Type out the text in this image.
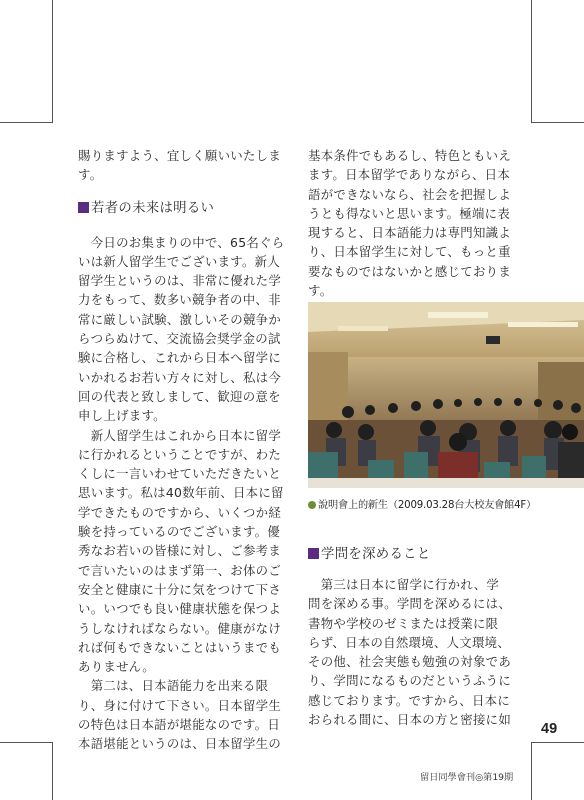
賜りますよう、宜しく願いいたしま

す。

若者の未来は明るい

　今日のお集まりの中で、65名ぐら

いは新人留学生でございます。新人

留学生というのは、非常に優れた学

力をもって、数多い競争者の中、非

常に厳しい試験、激しいその競争か

らつらぬけて、交流協会奨学金の試

験に合格し、これから日本へ留学に

いかれるお若い方々に対し、私は今

回の代表と致しまして、歓迎の意を

申し上げます。

　新人留学生はこれから日本に留学

に行かれるということですが、わた

くしに一言いわせていただきたいと

思います。私は40数年前、日本に留

学できたものですから、いくつか経

験を持っているのでございます。優

秀なお若いの皆様に対し、ご参考ま

で言いたいのはまず第一、お体のご

安全と健康に十分に気をつけて下さ

い。いつでも良い健康状態を保つよ

うしなければならない。健康がなけ

れば何もできないことはいうまでも

ありません。

　第二は、日本語能力を出来る限

り、身に付けて下さい。日本留学生

の特色は日本語が堪能なのです。日

本語堪能というのは、日本留学生の

基本条件でもあるし、特色ともいえ

ます。日本留学でありながら、日本

語ができないなら、社会を把握しよ

うとも得ないと思います。極端に表

現すると、日本語能力は専門知識よ

り、日本留学生に対して、もっと重

要なものではないかと感じておりま

す。

說明會上的新生（2009.03.28台大校友會館4F）
学問を深めること

　第三は日本に留学に行かれ、学

問を深める事。学問を深めるには、

書物や学校のゼミまたは授業に限

らず、日本の自然環境、人文環境、

その他、社会実態も勉強の対象であ

り、学問になるものだというふうに

感じております。ですから、日本に

おられる間に、日本の方と密接に如

49
留日同學會刊◎第19期
